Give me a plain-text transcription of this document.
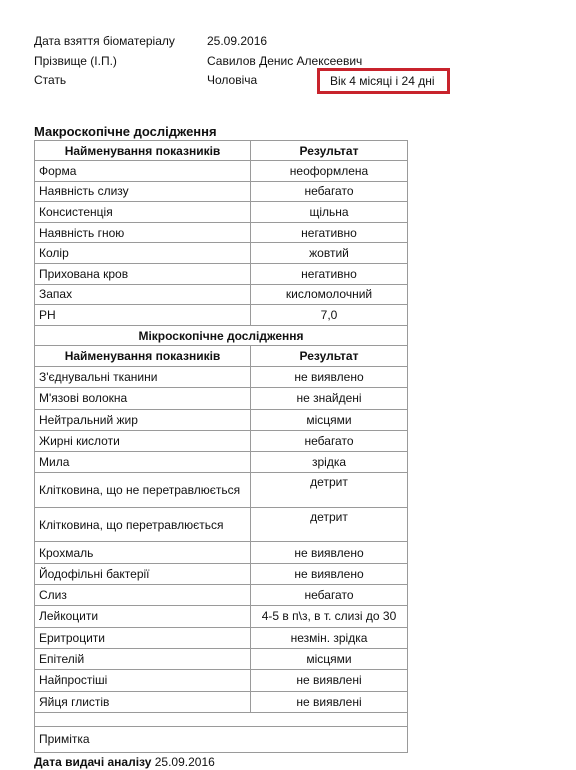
Дата взяття біоматеріалу	25.09.2016
Прізвище (І.П.)	Савилов Денис Алексеевич
Стать	Чоловіча	Вік 4 місяці і 24 дні
Макроскопічне дослідження
Найменування показників	Результат
Форма	неоформлена
Наявність слизу	небагато
Консистенція	щільна
Наявність гною	негативно
Колір	жовтий
Прихована кров	негативно
Запах	кисломолочний
РН	7,0
Мікроскопічне дослідження	
Найменування показників	Результат
З'єднувальні тканини	не виявлено
М'язові волокна	не знайдені
Нейтральний жир	місцями
Жирні кислоти	небагато
Мила	зрідка
Клітковина, що не перетравлюється	детрит
Клітковина, що перетравлюється	детрит
Крохмаль	не виявлено
Йодофільні бактерії	не виявлено
Слиз	небагато
Лейкоцити	4-5 в п\з, в т. слизі до 30
Еритроцити	незмін. зрідка
Епітелій	місцями
Найпростіші	не виявлені
Яйця глистів	не виявлені

Примітка	
Дата видачі аналізу 25.09.2016
